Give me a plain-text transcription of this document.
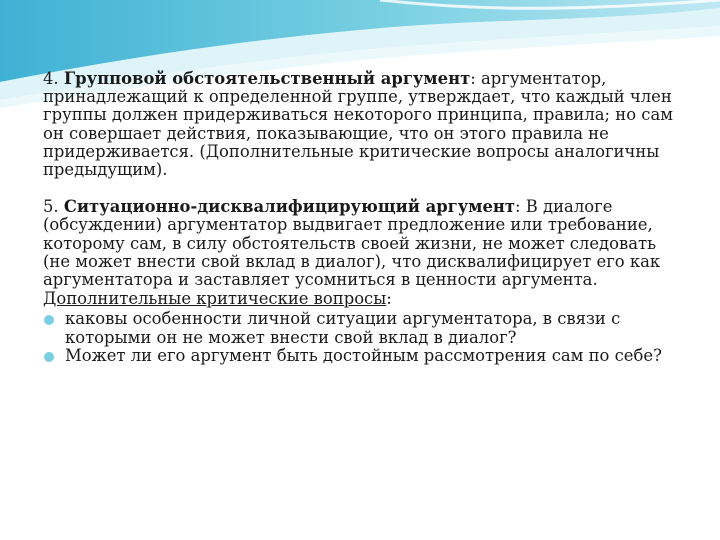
4. Групповой обстоятельственный аргумент: аргументатор, принадлежащий к определенной группе, утверждает, что каждый член группы должен придерживаться некоторого принципа, правила; но сам он совершает действия, показывающие, что он этого правила не придерживается. (Дополнительные критические вопросы аналогичны предыдущим).

5. Ситуационно-дисквалифицирующий аргумент: В диалоге (обсуждении) аргументатор выдвигает предложение или требование, которому сам, в силу обстоятельств своей жизни, не может следовать (не может внести свой вклад в диалог), что дисквалифицирует его как аргументатора и заставляет усомниться в ценности аргумента.

Дополнительные критические вопросы:

каковы особенности личной ситуации аргументатора, в связи с которыми он не может внести свой вклад в диалог?
Может ли его аргумент быть достойным рассмотрения сам по себе?
